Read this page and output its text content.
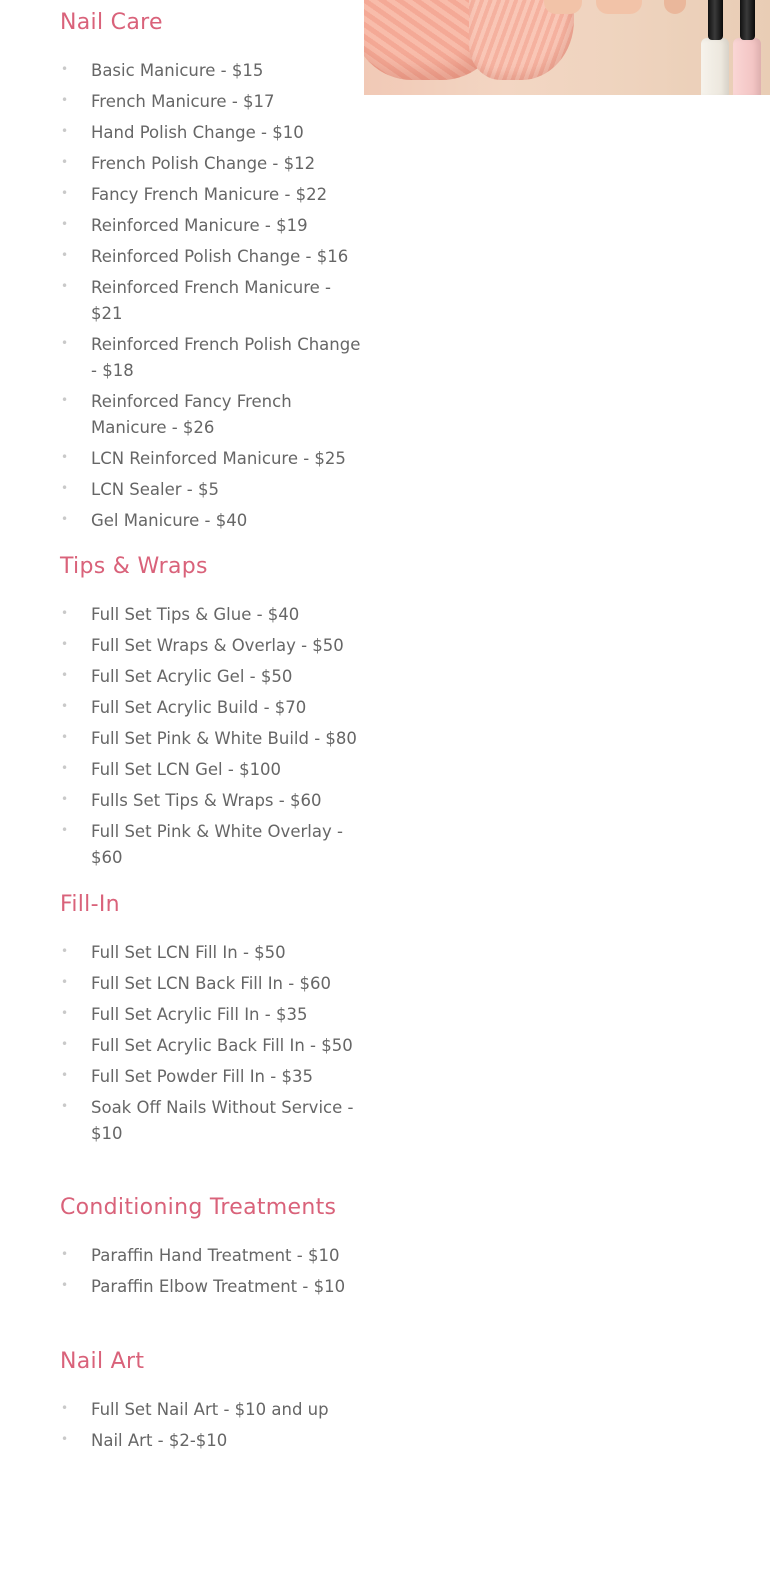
Nail Care
• Basic Manicure - $15
• French Manicure - $17
• Hand Polish Change - $10
• French Polish Change - $12
• Fancy French Manicure - $22
• Reinforced Manicure - $19
• Reinforced Polish Change - $16
• Reinforced French Manicure - $21
• Reinforced French Polish Change - $18
• Reinforced Fancy French Manicure - $26
• LCN Reinforced Manicure - $25
• LCN Sealer - $5
• Gel Manicure - $40
Tips & Wraps
• Full Set Tips & Glue - $40
• Full Set Wraps & Overlay - $50
• Full Set Acrylic Gel - $50
• Full Set Acrylic Build - $70
• Full Set Pink & White Build - $80
• Full Set LCN Gel - $100
• Fulls Set Tips & Wraps - $60
• Full Set Pink & White Overlay - $60
Fill-In
• Full Set LCN Fill In - $50
• Full Set LCN Back Fill In - $60
• Full Set Acrylic Fill In - $35
• Full Set Acrylic Back Fill In - $50
• Full Set Powder Fill In - $35
• Soak Off Nails Without Service - $10
Conditioning Treatments
• Paraffin Hand Treatment - $10
• Paraffin Elbow Treatment - $10
Nail Art
• Full Set Nail Art - $10 and up
• Nail Art - $2-$10
